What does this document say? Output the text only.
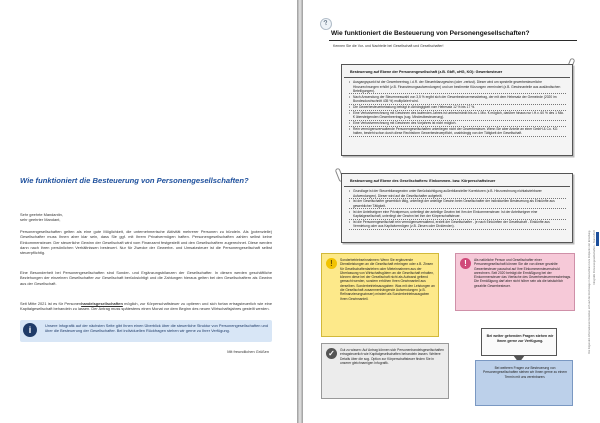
Wie funktioniert die Besteuerung von Personengesellschaften?
Sehr geehrte Mandantin,
sehr geehrter Mandant,
Personengesellschaften gelten als eine gute Möglichkeit, die unternehmerische Aktivität mehrerer Personen zu bündeln. Als (potenzielle) Gesellschafter muss Ihnen aber klar sein, dass Sie ggf. mit Ihrem Privatvermögen haften. Personengesellschaften zahlen selbst keine Einkommensteuer. Der steuerliche Gewinn der Gesellschaft wird vom Finanzamt festgestellt und den Gesellschaftern zugerechnet. Diese werden dann nach ihren persönlichen Verhältnissen besteuert. Nur für Zwecke der Gewerbe- und Umsatzsteuer ist die Personengesellschaft selbst steuerpflichtig.
Eine Besonderheit bei Personengesellschaften sind Sonder- und Ergänzungsbilanzen der Gesellschafter. In diesen werden geschäftliche Beziehungen der einzelnen Gesellschafter zur Gesellschaft berücksichtigt und die Zahlungen hieraus gelten bei den Gesellschaftern als Gewinn aus der Gesellschaft.
Seit Mitte 2021 ist es für Personenhandelsgesellschaften möglich, zur Körperschaftsteuer zu optieren und sich fortan ertragsteuerlich wie eine Kapitalgesellschaft behandeln zu lassen. Der Antrag muss spätestens einen Monat vor dem Beginn des neuen Wirtschaftsjahres gestellt werden.
i	Unsere Infografik auf der nächsten Seite gibt Ihnen einen Überblick über die steuerliche Struktur von Personengesellschaften und über die Besteuerung der Gesellschafter. Bei individuellen Rückfragen stehen wir gerne zu Ihrer Verfügung.
Mit freundlichen Grüßen
?
Wie funktioniert die Besteuerung von Personengesellschaften?
Kennen Sie die Vor- und Nachteile bei Gesellschaft und Gesellschafter!
Besteuerung auf Ebene der Personengesellschaft (z.B. GbR, oHG, KG): Gewerbesteuer
• Ausgangspunkt ist der Gewerbeertrag, i.d.R. der Steuerbilanzgewinn (oder -verlust). Dieser wird um spezielle gewerbesteuerliche Hinzurechnungen erhöht (z.B. Finanzierungsaufwendungen) und um bestimmte Kürzungen vermindert (z.B. Gewinnanteile aus ausländischen Beteiligungen).
• Nach Anwendung der Steuermesszahl von 3,5 % ergibt sich der Gewerbesteuermessbetrag, der mit dem Hebesatz der Gemeinde (2020 im Bundesdurchschnitt 435 %) multipliziert wird.
• Die Gewerbesteuerbelastung beträgt in Abhängigkeit vom Hebesatz 12 % bis 17 %.
• Eine Verlustverrechnung mit Gewinnen des laufenden Jahres ist unbeschränkt bis zu 1 Mio. € möglich, darüber hinaus nur i.H.v. 60 % des 1 Mio. € übersteigenden Gewerbeertrags (sog. Mindestbesteuerung).
• Eine Verlustverrechnung mit Gewinnen des Vorjahres ist nicht möglich.
• Rein vermögensverwaltende Personengesellschaften unterliegen nicht der Gewerbesteuer. Wenn Sie aber Anteile an einer GmbH & Co. KG halten, besteht schon durch diese Rechtsform Gewerbesteuerpflicht, unabhängig von der Tätigkeit der Gesellschaft.
Besteuerung auf Ebene des Gesellschafters: Einkommen- bzw. Körperschaftsteuer
• Grundlage ist der Steuerbilanzgewinn unter Berücksichtigung außerbilanzieller Korrekturen (z.B. Hinzurechnung nichtabziehbarer Aufwendungen). Dieser wird auf die Gesellschafter aufgeteilt.
• Ist der Gesellschafter gewerblich tätig, unterliegt der anteilige Gewinn beim Gesellschafter der individuellen Besteuerung als Einkünfte aus gewerblicher Tätigkeit.
• Ist der Anteilseigner eine Privatperson, unterliegt der anteilige Gewinn bei ihm der Einkommensteuer. Ist der Anteilseigner eine Kapitalgesellschaft, unterliegt der Gewinn bei ihm der Körperschaftsteuer.
• Ist die Personengesellschaft rein vermögensverwaltend, erzielt der Gesellschafter - je nach Einkünften der Gesellschaft - Einkünfte aus Vermietung oder aus Kapitalvermögen (z.B. Zinsen oder Dividenden).
!	Sonderbetriebseinnahmen: Wenn Sie ergänzende Dienstleistungen an die Gesellschaft erbringen oder z.B. Zinsen für Gesellschafterdarlehen oder Mieteinnahmen aus der Überlassung von Wirtschaftsgütern an die Gesellschaft erhalten, können diese bei der Gesellschaft nicht als Aufwand geltend gemacht werden, sondern erhöhen Ihren Gewinnanteil aus derselben. Sonderbetriebsausgaben: Was mit den Leistungen an die Gesellschaft zusammenhängende Aufwendungen (z.B. Refinanzierungszinsen) mindert als Sonderbetriebsausgaben Ihren Gewinnanteil.
!	Als natürliche Person und Gesellschafter einer Personengesellschaft können Sie die von dieser gezahlte Gewerbesteuer pauschal auf Ihre Einkommensteuerschuld anrechnen. Seit 2020 beträgt die Ermäßigung bei der Einkommensteuer das Vierfache des Gewerbesteuermessbetrags. Die Ermäßigung darf aber nicht höher sein als die tatsächlich gezahlte Gewerbesteuer.
✓	Gut zu wissen: Auf Antrag können sich Personenhandelsgesellschaften ertragsteuerlich wie Kapitalgesellschaften behandeln lassen. Weitere Details über die sog. Option zur Körperschaftsteuer finden Sie in unserer gleichnamigen Infografik.
Bei weiter gehenden Fragen stehen wir Ihnen gerne zur Verfügung.
Bei weiteren Fragen zur Besteuerung von Personengesellschaften stehen wir Ihnen gerne zu einem Termin mit uns vereinbaren.
Die folgenden Informationen beziehen sich auf die Rechtslage in Deutschland zum Zeitpunkt der Erstellung. Infografik Personengesellschaften - Stand 2022
